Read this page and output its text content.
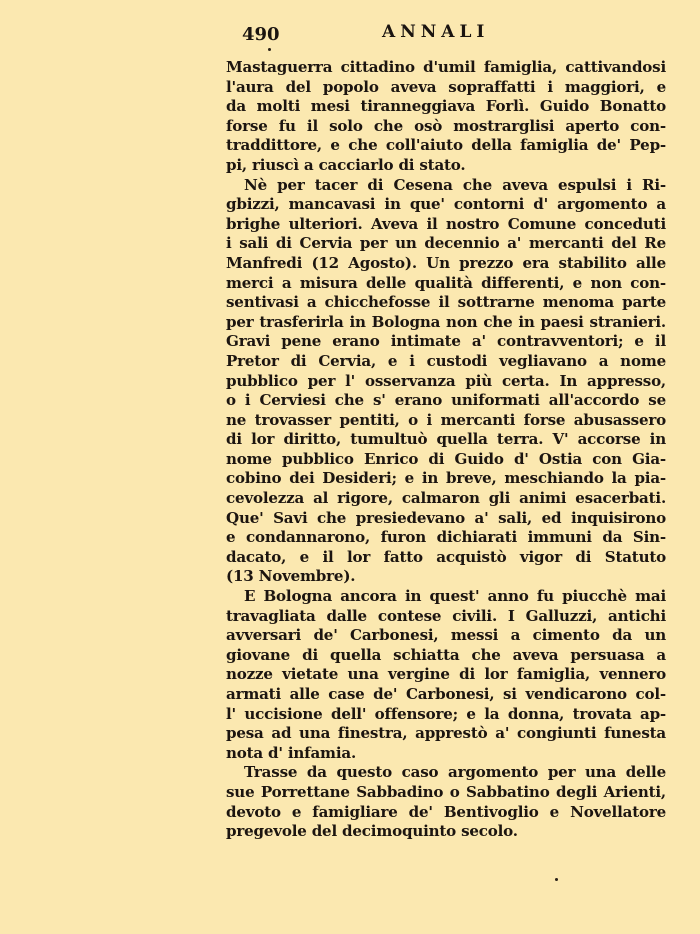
490	ANNALI
Mastaguerra cittadino d'umil famiglia, cattivandosi
l'aura del popolo aveva sopraffatti i maggiori, e
da molti mesi tiranneggiava Forlì. Guido Bonatto
forse fu il solo che osò mostrarglisi aperto con-
traddittore, e che coll'aiuto della famiglia de' Pep-
pi, riuscì a cacciarlo di stato.
Nè per tacer di Cesena che aveva espulsi i Ri-
gbizzi, mancavasi in que' contorni d' argomento a
brighe ulteriori. Aveva il nostro Comune conceduti
i sali di Cervia per un decennio a' mercanti del Re
Manfredi (12 Agosto). Un prezzo era stabilito alle
merci a misura delle qualità differenti, e non con-
sentivasi a chicchefosse il sottrarne menoma parte
per trasferirla in Bologna non che in paesi stranieri.
Gravi pene erano intimate a' contravventori; e il
Pretor di Cervia, e i custodi vegliavano a nome
pubblico per l' osservanza più certa. In appresso,
o i Cerviesi che s' erano uniformati all'accordo se
ne trovasser pentiti, o i mercanti forse abusassero
di lor diritto, tumultuò quella terra. V' accorse in
nome pubblico Enrico di Guido d' Ostia con Gia-
cobino dei Desideri; e in breve, meschiando la pia-
cevolezza al rigore, calmaron gli animi esacerbati.
Que' Savi che presiedevano a' sali, ed inquisirono
e condannarono, furon dichiarati immuni da Sin-
dacato, e il lor fatto acquistò vigor di Statuto
(13 Novembre).
E Bologna ancora in quest' anno fu piucchè mai
travagliata dalle contese civili. I Galluzzi, antichi
avversari de' Carbonesi, messi a cimento da un
giovane di quella schiatta che aveva persuasa a
nozze vietate una vergine di lor famiglia, vennero
armati alle case de' Carbonesi, si vendicarono col-
l' uccisione dell' offensore; e la donna, trovata ap-
pesa ad una finestra, apprestò a' congiunti funesta
nota d' infamia.
Trasse da questo caso argomento per una delle
sue Porrettane Sabbadino o Sabbatino degli Arienti,
devoto e famigliare de' Bentivoglio e Novellatore
pregevole del decimoquinto secolo.
